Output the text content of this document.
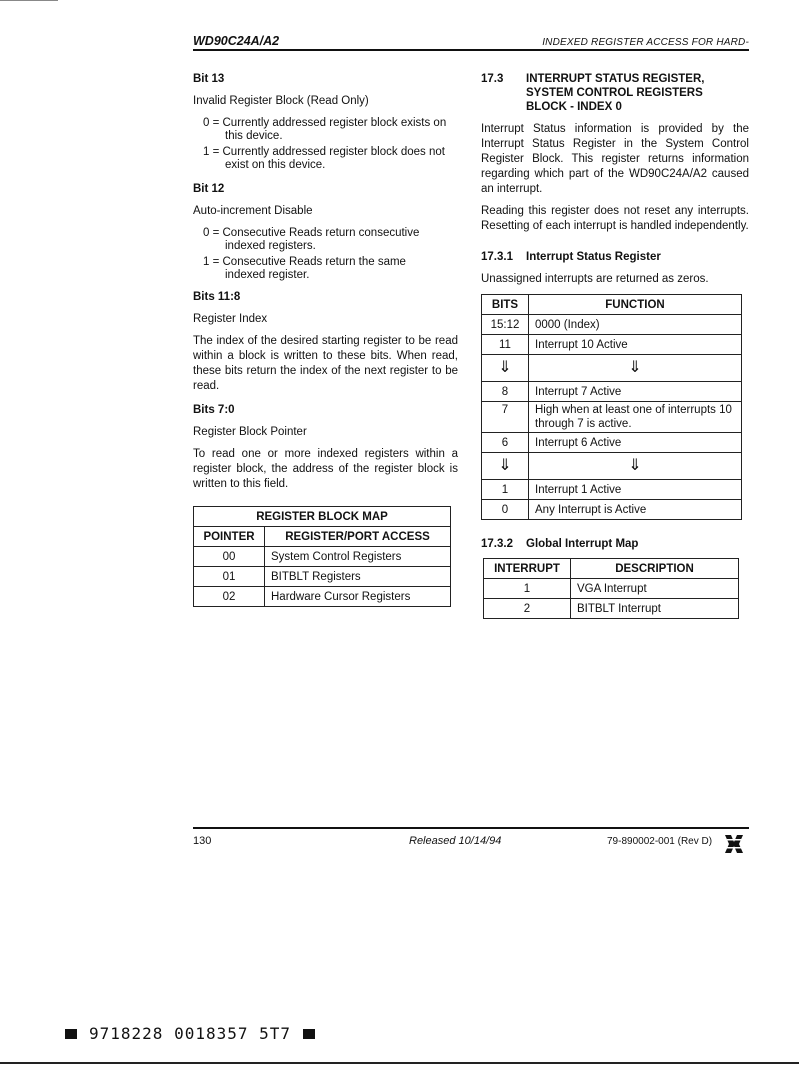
WD90C24A/A2	INDEXED REGISTER ACCESS FOR HARD-

Bit 13

Invalid Register Block (Read Only)

0 = Currently addressed register block exists on
this device.
1 = Currently addressed register block does not
exist on this device.

Bit 12

Auto-increment Disable

0 = Consecutive Reads return consecutive
indexed registers.
1 = Consecutive Reads return the same
indexed register.

Bits 11:8

Register Index

The index of the desired starting register to be read within a block is written to these bits. When read, these bits return the index of the next register to be read.

Bits 7:0

Register Block Pointer

To read one or more indexed registers within a register block, the address of the register block is written to this field.

REGISTER BLOCK MAP	
POINTER	REGISTER/PORT ACCESS
00	System Control Registers
01	BITBLT Registers
02	Hardware Cursor Registers
17.3	INTERRUPT STATUS REGISTER,
SYSTEM CONTROL REGISTERS
BLOCK - INDEX 0

Interrupt Status information is provided by the Interrupt Status Register in the System Control Register Block. This register returns information regarding which part of the WD90C24A/A2 caused an interrupt.

Reading this register does not reset any interrupts. Resetting of each interrupt is handled independently.

17.3.1	Interrupt Status Register

Unassigned interrupts are returned as zeros.

BITS	FUNCTION
15:12	0000 (Index)
11	Interrupt 10 Active
⇓	⇓
8	Interrupt 7 Active
7	High when at least one of interrupts 10 through 7 is active.
6	Interrupt 6 Active
⇓	⇓
1	Interrupt 1 Active
0	Any Interrupt is Active
17.3.2	Global Interrupt Map
INTERRUPT	DESCRIPTION
1	VGA Interrupt
2	BITBLT Interrupt
130	Released 10/14/94	79-890002-001 (Rev D)
9718228 0018357 5T7
